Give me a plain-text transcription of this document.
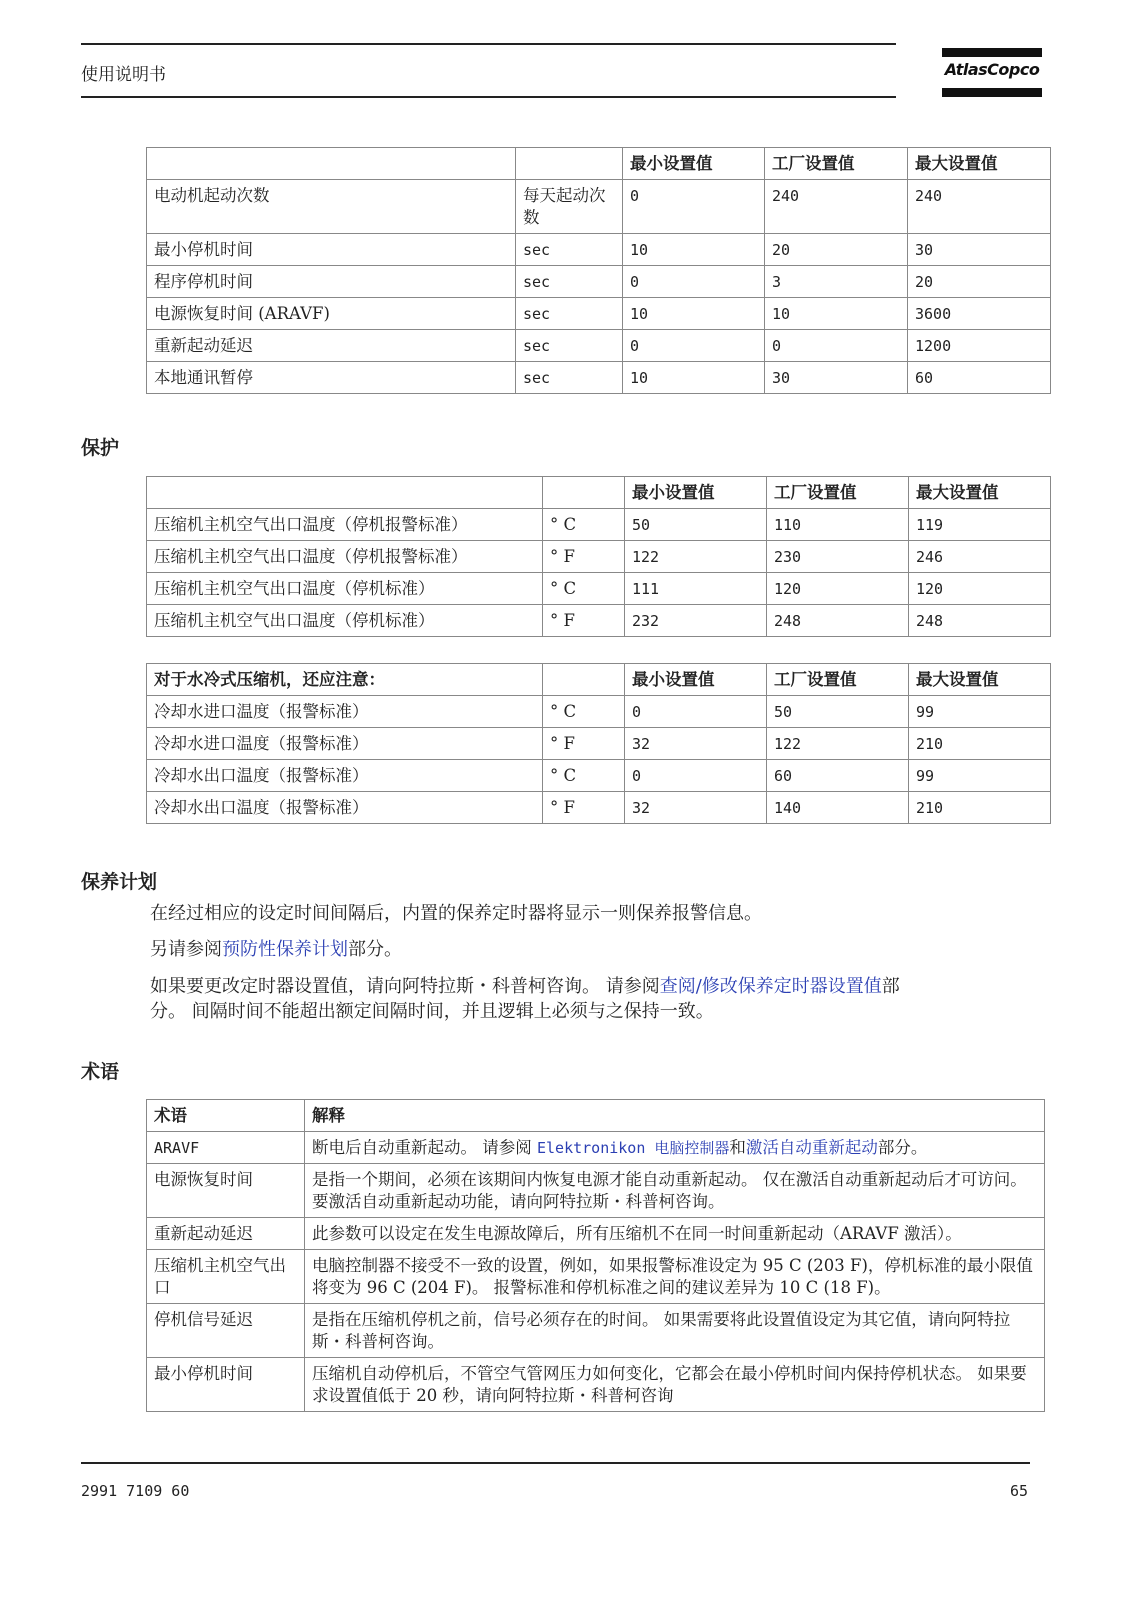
使用说明书	AtlasCopco
		最小设置值	工厂设置值	最大设置值
电动机起动次数	每天起动次数	0	240	240
最小停机时间	sec	10	20	30
程序停机时间	sec	0	3	20
电源恢复时间 (ARAVF)	sec	10	10	3600
重新起动延迟	sec	0	0	1200
本地通讯暂停	sec	10	30	60
保护
		最小设置值	工厂设置值	最大设置值
压缩机主机空气出口温度（停机报警标准）	° C	50	110	119
压缩机主机空气出口温度（停机报警标准）	° F	122	230	246
压缩机主机空气出口温度（停机标准）	° C	111	120	120
压缩机主机空气出口温度（停机标准）	° F	232	248	248
对于水冷式压缩机，还应注意：		最小设置值	工厂设置值	最大设置值
冷却水进口温度（报警标准）	° C	0	50	99
冷却水进口温度（报警标准）	° F	32	122	210
冷却水出口温度（报警标准）	° C	0	60	99
冷却水出口温度（报警标准）	° F	32	140	210
保养计划
在经过相应的设定时间间隔后，内置的保养定时器将显示一则保养报警信息。
另请参阅预防性保养计划部分。
如果要更改定时器设置值，请向阿特拉斯・科普柯咨询。 请参阅查阅/修改保养定时器设置值部
分。 间隔时间不能超出额定间隔时间，并且逻辑上必须与之保持一致。
术语
术语	解释
ARAVF	断电后自动重新起动。 请参阅 Elektronikon 电脑控制器和激活自动重新起动部分。
电源恢复时间	是指一个期间，必须在该期间内恢复电源才能自动重新起动。 仅在激活自动重新起动后才可访问。 要激活自动重新起动功能，请向阿特拉斯・科普柯咨询。
重新起动延迟	此参数可以设定在发生电源故障后，所有压缩机不在同一时间重新起动（ARAVF 激活）。
压缩机主机空气出口	电脑控制器不接受不一致的设置，例如，如果报警标准设定为 95 C (203 F)，停机标准的最小限值将变为 96 C (204 F)。 报警标准和停机标准之间的建议差异为 10 C (18 F)。
停机信号延迟	是指在压缩机停机之前，信号必须存在的时间。 如果需要将此设置值设定为其它值，请向阿特拉斯・科普柯咨询。
最小停机时间	压缩机自动停机后，不管空气管网压力如何变化，它都会在最小停机时间内保持停机状态。 如果要求设置值低于 20 秒，请向阿特拉斯・科普柯咨询
2991 7109 60	65
